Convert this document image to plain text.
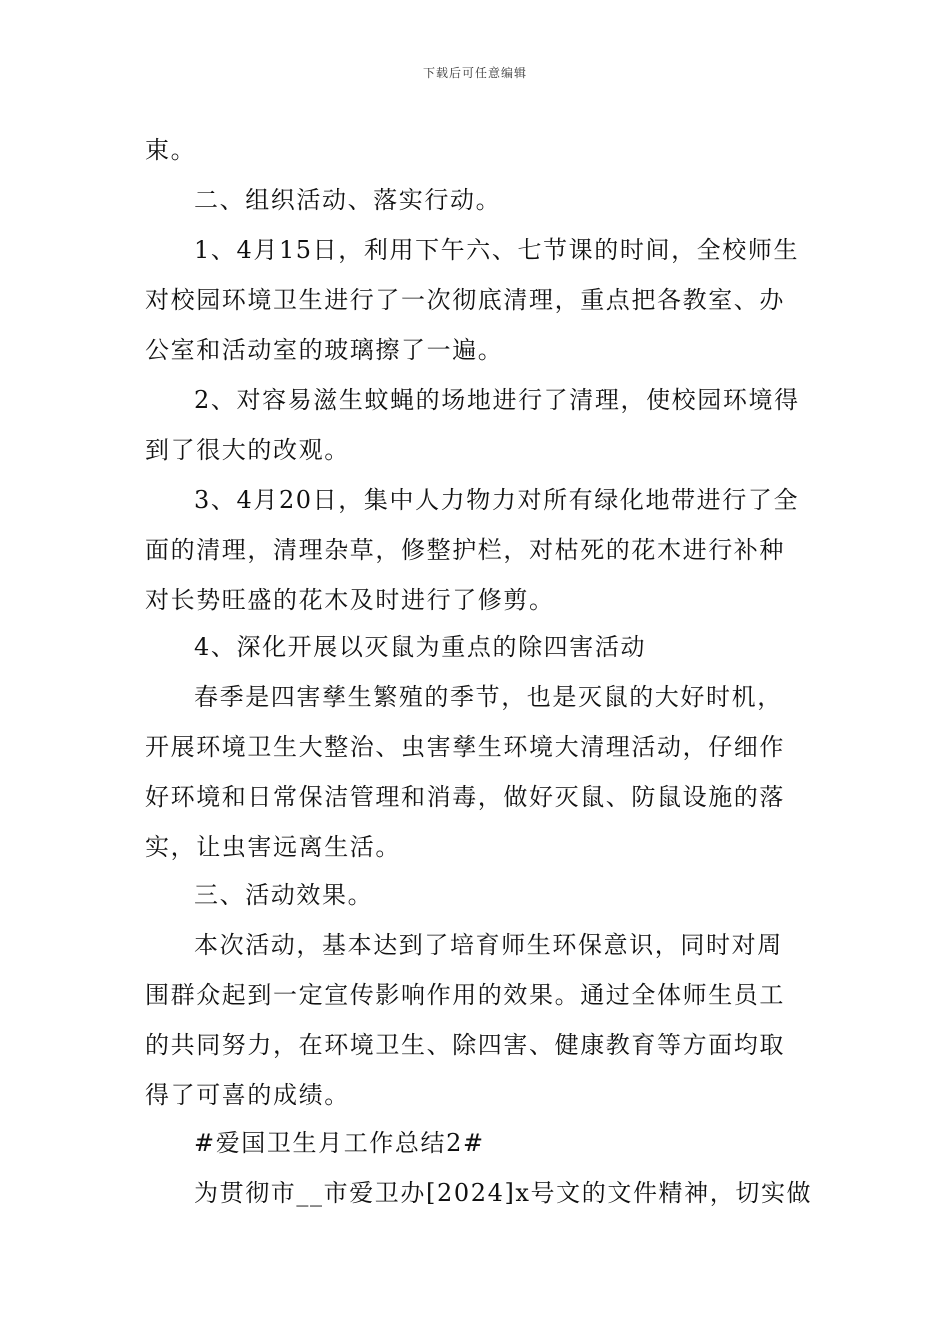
下载后可任意编辑
束。
二、组织活动、落实行动。
1、4月15日，利用下午六、七节课的时间，全校师生
对校园环境卫生进行了一次彻底清理，重点把各教室、办
公室和活动室的玻璃擦了一遍。
2、对容易滋生蚊蝇的场地进行了清理，使校园环境得
到了很大的改观。
3、4月20日，集中人力物力对所有绿化地带进行了全
面的清理，清理杂草，修整护栏，对枯死的花木进行补种
对长势旺盛的花木及时进行了修剪。
4、深化开展以灭鼠为重点的除四害活动
春季是四害孳生繁殖的季节，也是灭鼠的大好时机，
开展环境卫生大整治、虫害孳生环境大清理活动，仔细作
好环境和日常保洁管理和消毒，做好灭鼠、防鼠设施的落
实，让虫害远离生活。
三、活动效果。
本次活动，基本达到了培育师生环保意识，同时对周
围群众起到一定宣传影响作用的效果。通过全体师生员工
的共同努力，在环境卫生、除四害、健康教育等方面均取
得了可喜的成绩。
#爱国卫生月工作总结2#
为贯彻市__市爱卫办[2024]x号文的文件精神，切实做
